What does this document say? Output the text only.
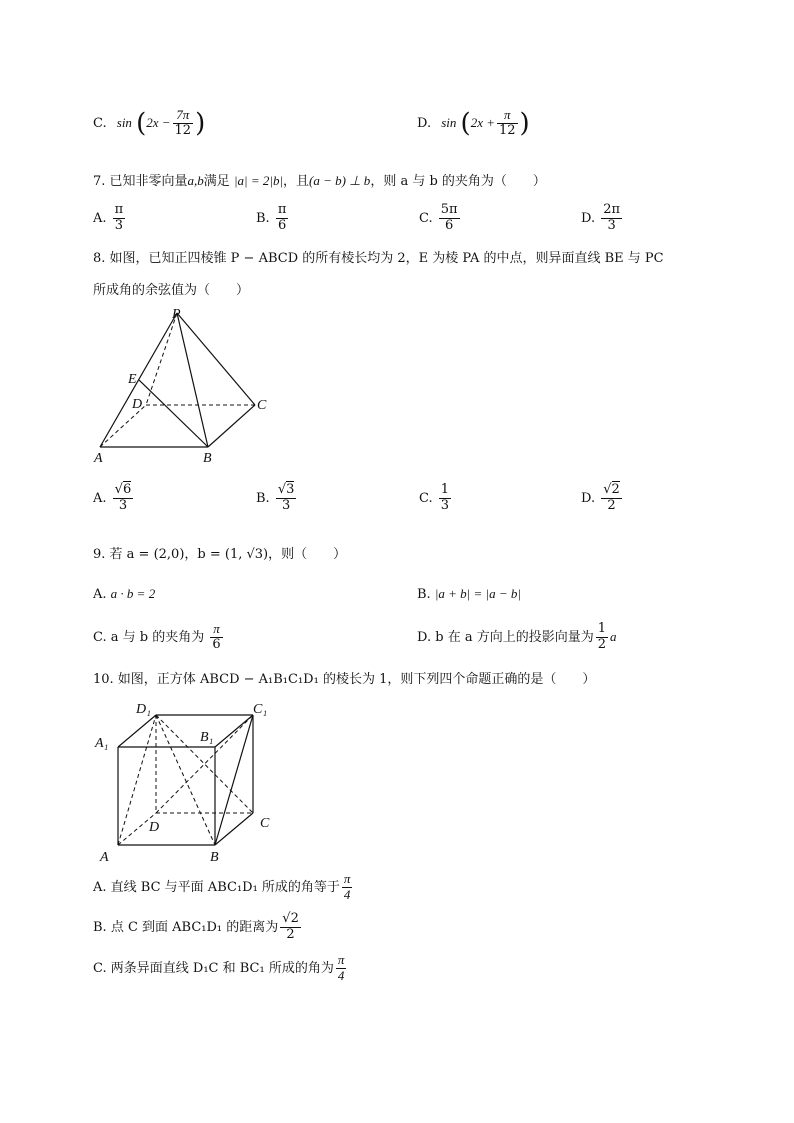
C. $\sin (2x - \frac{7\pi}{12}$ )	D. $\sin (2x + \frac{\pi}{12}$ )
7. 已知非零向量a,b满足 |a| = 2|b|，且(a − b) ⊥ b，则 a 与 b 的夹角为（　　）
A. $\frac{\pi}{3}$	B. $\frac{\pi}{6}$	C. $\frac{5\pi}{6}$	D. $\frac{2\pi}{3}$
8. 如图，已知正四棱锥 P − ABCD 的所有棱长均为 2，E 为棱 PA 的中点，则异面直线 BE 与 PC
所成角的余弦值为（　　）
P
E
D	C
A	B
A. $\frac{√6}{3}$	B. $\frac{√3}{3}$	C. $\frac{1}{3}$	D. $\frac{√2}{2}$
9. 若 a = (2,0)，b = (1, √3)，则（　　）
A. a · b = 2	B. |a + b| = |a − b|
C. a 与 b 的夹角为 $\frac{\pi}{6}$	D. b 在 a 方向上的投影向量为 $\frac{1}{2}$ a
10. 如图，正方体 ABCD − A₁B₁C₁D₁ 的棱长为 1，则下列四个命题正确的是（　　）
D₁	C₁
A₁	B₁
D	C
A	B
A. 直线 BC 与平面 ABC₁D₁ 所成的角等于 $\frac{\pi}{4}$
B. 点 C 到面 ABC₁D₁ 的距离为 $\frac{√2}{2}$
C. 两条异面直线 D₁C 和 BC₁ 所成的角为 $\frac{\pi}{4}$
